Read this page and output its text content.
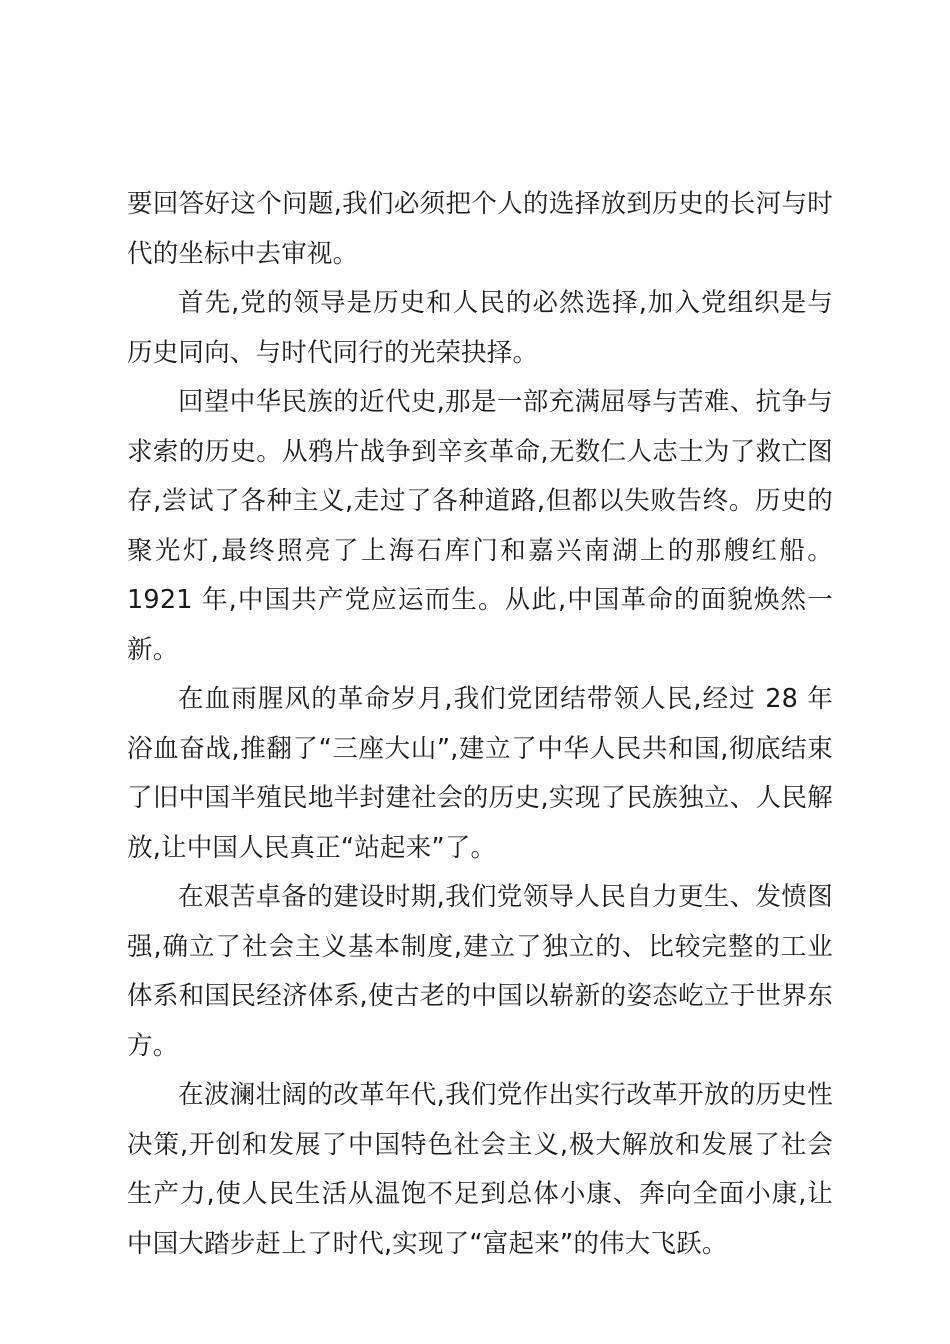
要回答好这个问题,我们必须把个人的选择放到历史的长河与时代的坐标中去审视。

首先,党的领导是历史和人民的必然选择,加入党组织是与历史同向、与时代同行的光荣抉择。

回望中华民族的近代史,那是一部充满屈辱与苦难、抗争与求索的历史。从鸦片战争到辛亥革命,无数仁人志士为了救亡图存,尝试了各种主义,走过了各种道路,但都以失败告终。历史的聚光灯,最终照亮了上海石库门和嘉兴南湖上的那艘红船。1921 年,中国共产党应运而生。从此,中国革命的面貌焕然一新。

在血雨腥风的革命岁月,我们党团结带领人民,经过 28 年浴血奋战,推翻了“三座大山”,建立了中华人民共和国,彻底结束了旧中国半殖民地半封建社会的历史,实现了民族独立、人民解放,让中国人民真正“站起来”了。

在艰苦卓备的建设时期,我们党领导人民自力更生、发愤图强,确立了社会主义基本制度,建立了独立的、比较完整的工业体系和国民经济体系,使古老的中国以崭新的姿态屹立于世界东方。

在波澜壮阔的改革年代,我们党作出实行改革开放的历史性决策,开创和发展了中国特色社会主义,极大解放和发展了社会生产力,使人民生活从温饱不足到总体小康、奔向全面小康,让中国大踏步赶上了时代,实现了“富起来”的伟大飞跃。
